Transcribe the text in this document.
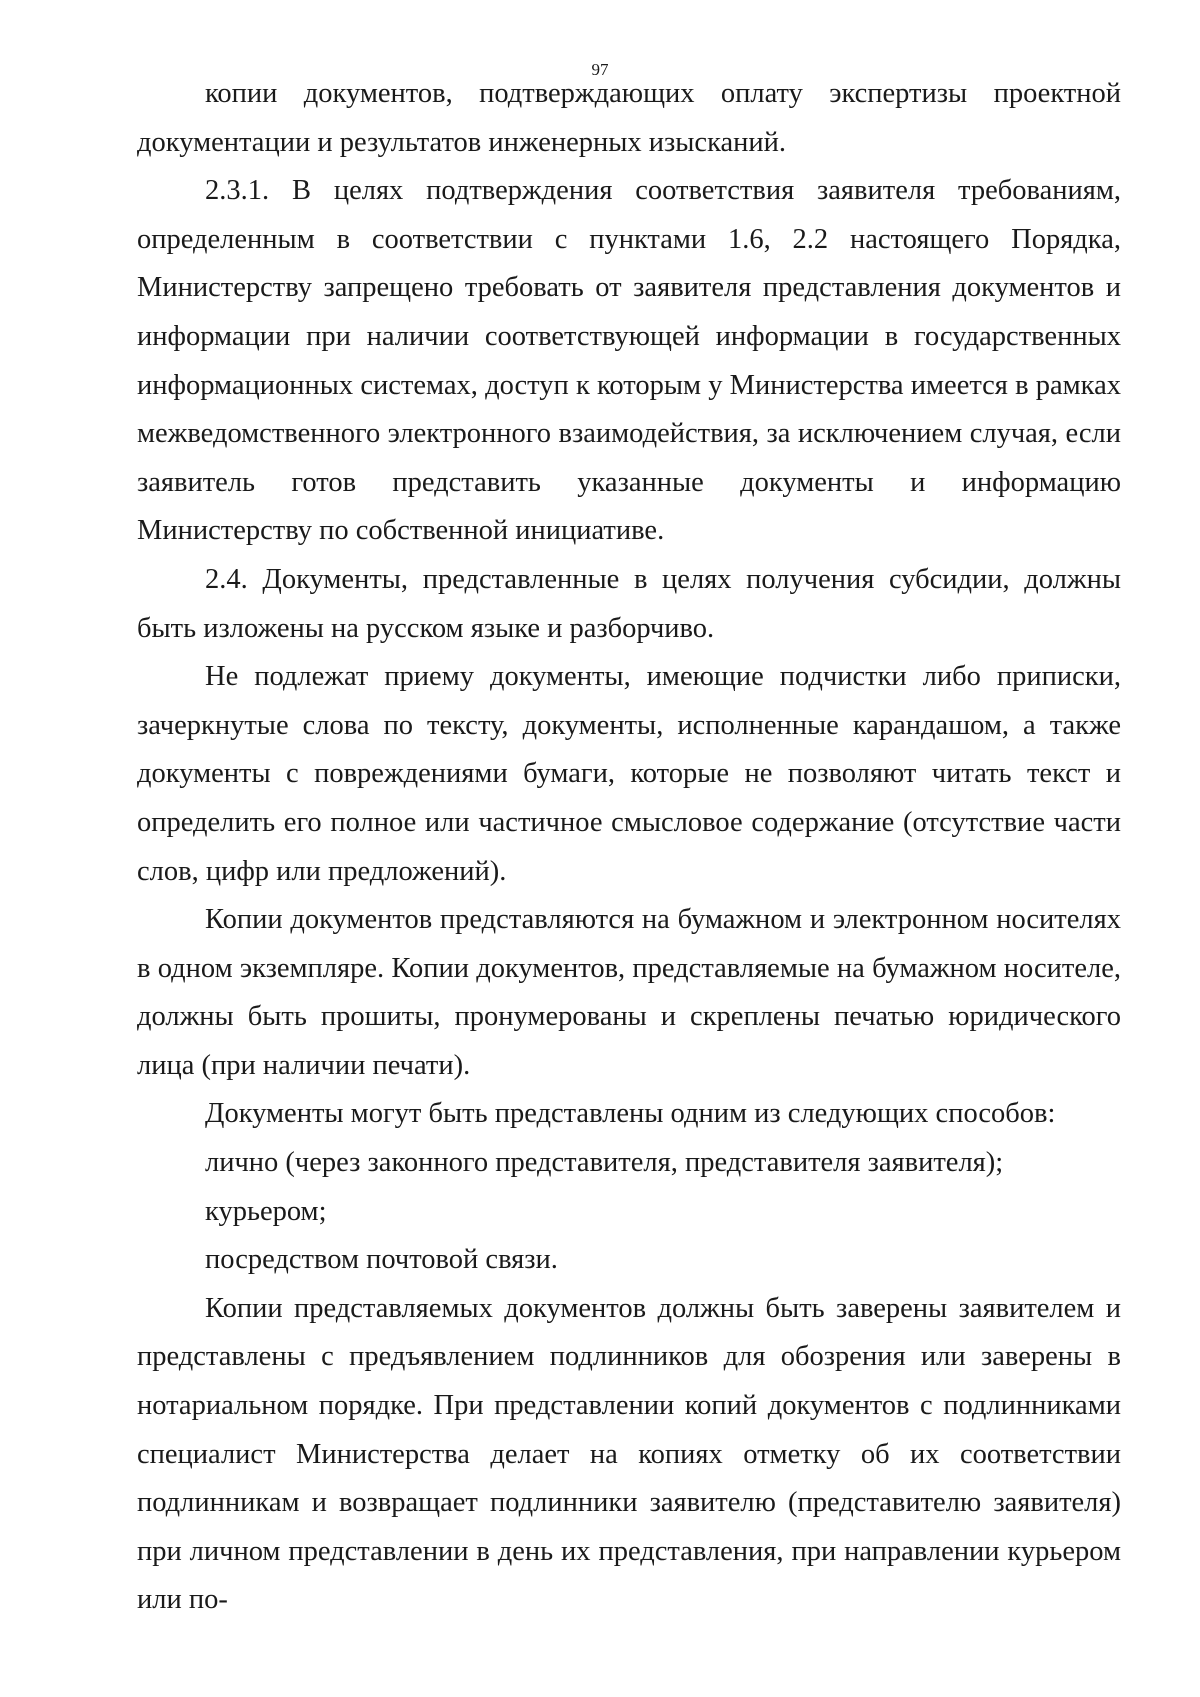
97

копии документов, подтверждающих оплату экспертизы проектной документации и результатов инженерных изысканий.

2.3.1. В целях подтверждения соответствия заявителя требованиям, определенным в соответствии с пунктами 1.6, 2.2 настоящего Порядка, Министерству запрещено требовать от заявителя представления документов и информации при наличии соответствующей информации в государственных информационных системах, доступ к которым у Министерства имеется в рамках межведомственного электронного взаимодействия, за исключением случая, если заявитель готов представить указанные документы и информацию Министерству по собственной инициативе.

2.4. Документы, представленные в целях получения субсидии, должны быть изложены на русском языке и разборчиво.

Не подлежат приему документы, имеющие подчистки либо приписки, зачеркнутые слова по тексту, документы, исполненные карандашом, а также документы с повреждениями бумаги, которые не позволяют читать текст и определить его полное или частичное смысловое содержание (отсутствие части слов, цифр или предложений).

Копии документов представляются на бумажном и электронном носителях в одном экземпляре. Копии документов, представляемые на бумажном носителе, должны быть прошиты, пронумерованы и скреплены печатью юридического лица (при наличии печати).

Документы могут быть представлены одним из следующих способов:

лично (через законного представителя, представителя заявителя);

курьером;

посредством почтовой связи.

Копии представляемых документов должны быть заверены заявителем и представлены с предъявлением подлинников для обозрения или заверены в нотариальном порядке. При представлении копий документов с подлинниками специалист Министерства делает на копиях отметку об их соответствии подлинникам и возвращает подлинники заявителю (представителю заявителя) при личном представлении в день их представления, при направлении курьером или по-
